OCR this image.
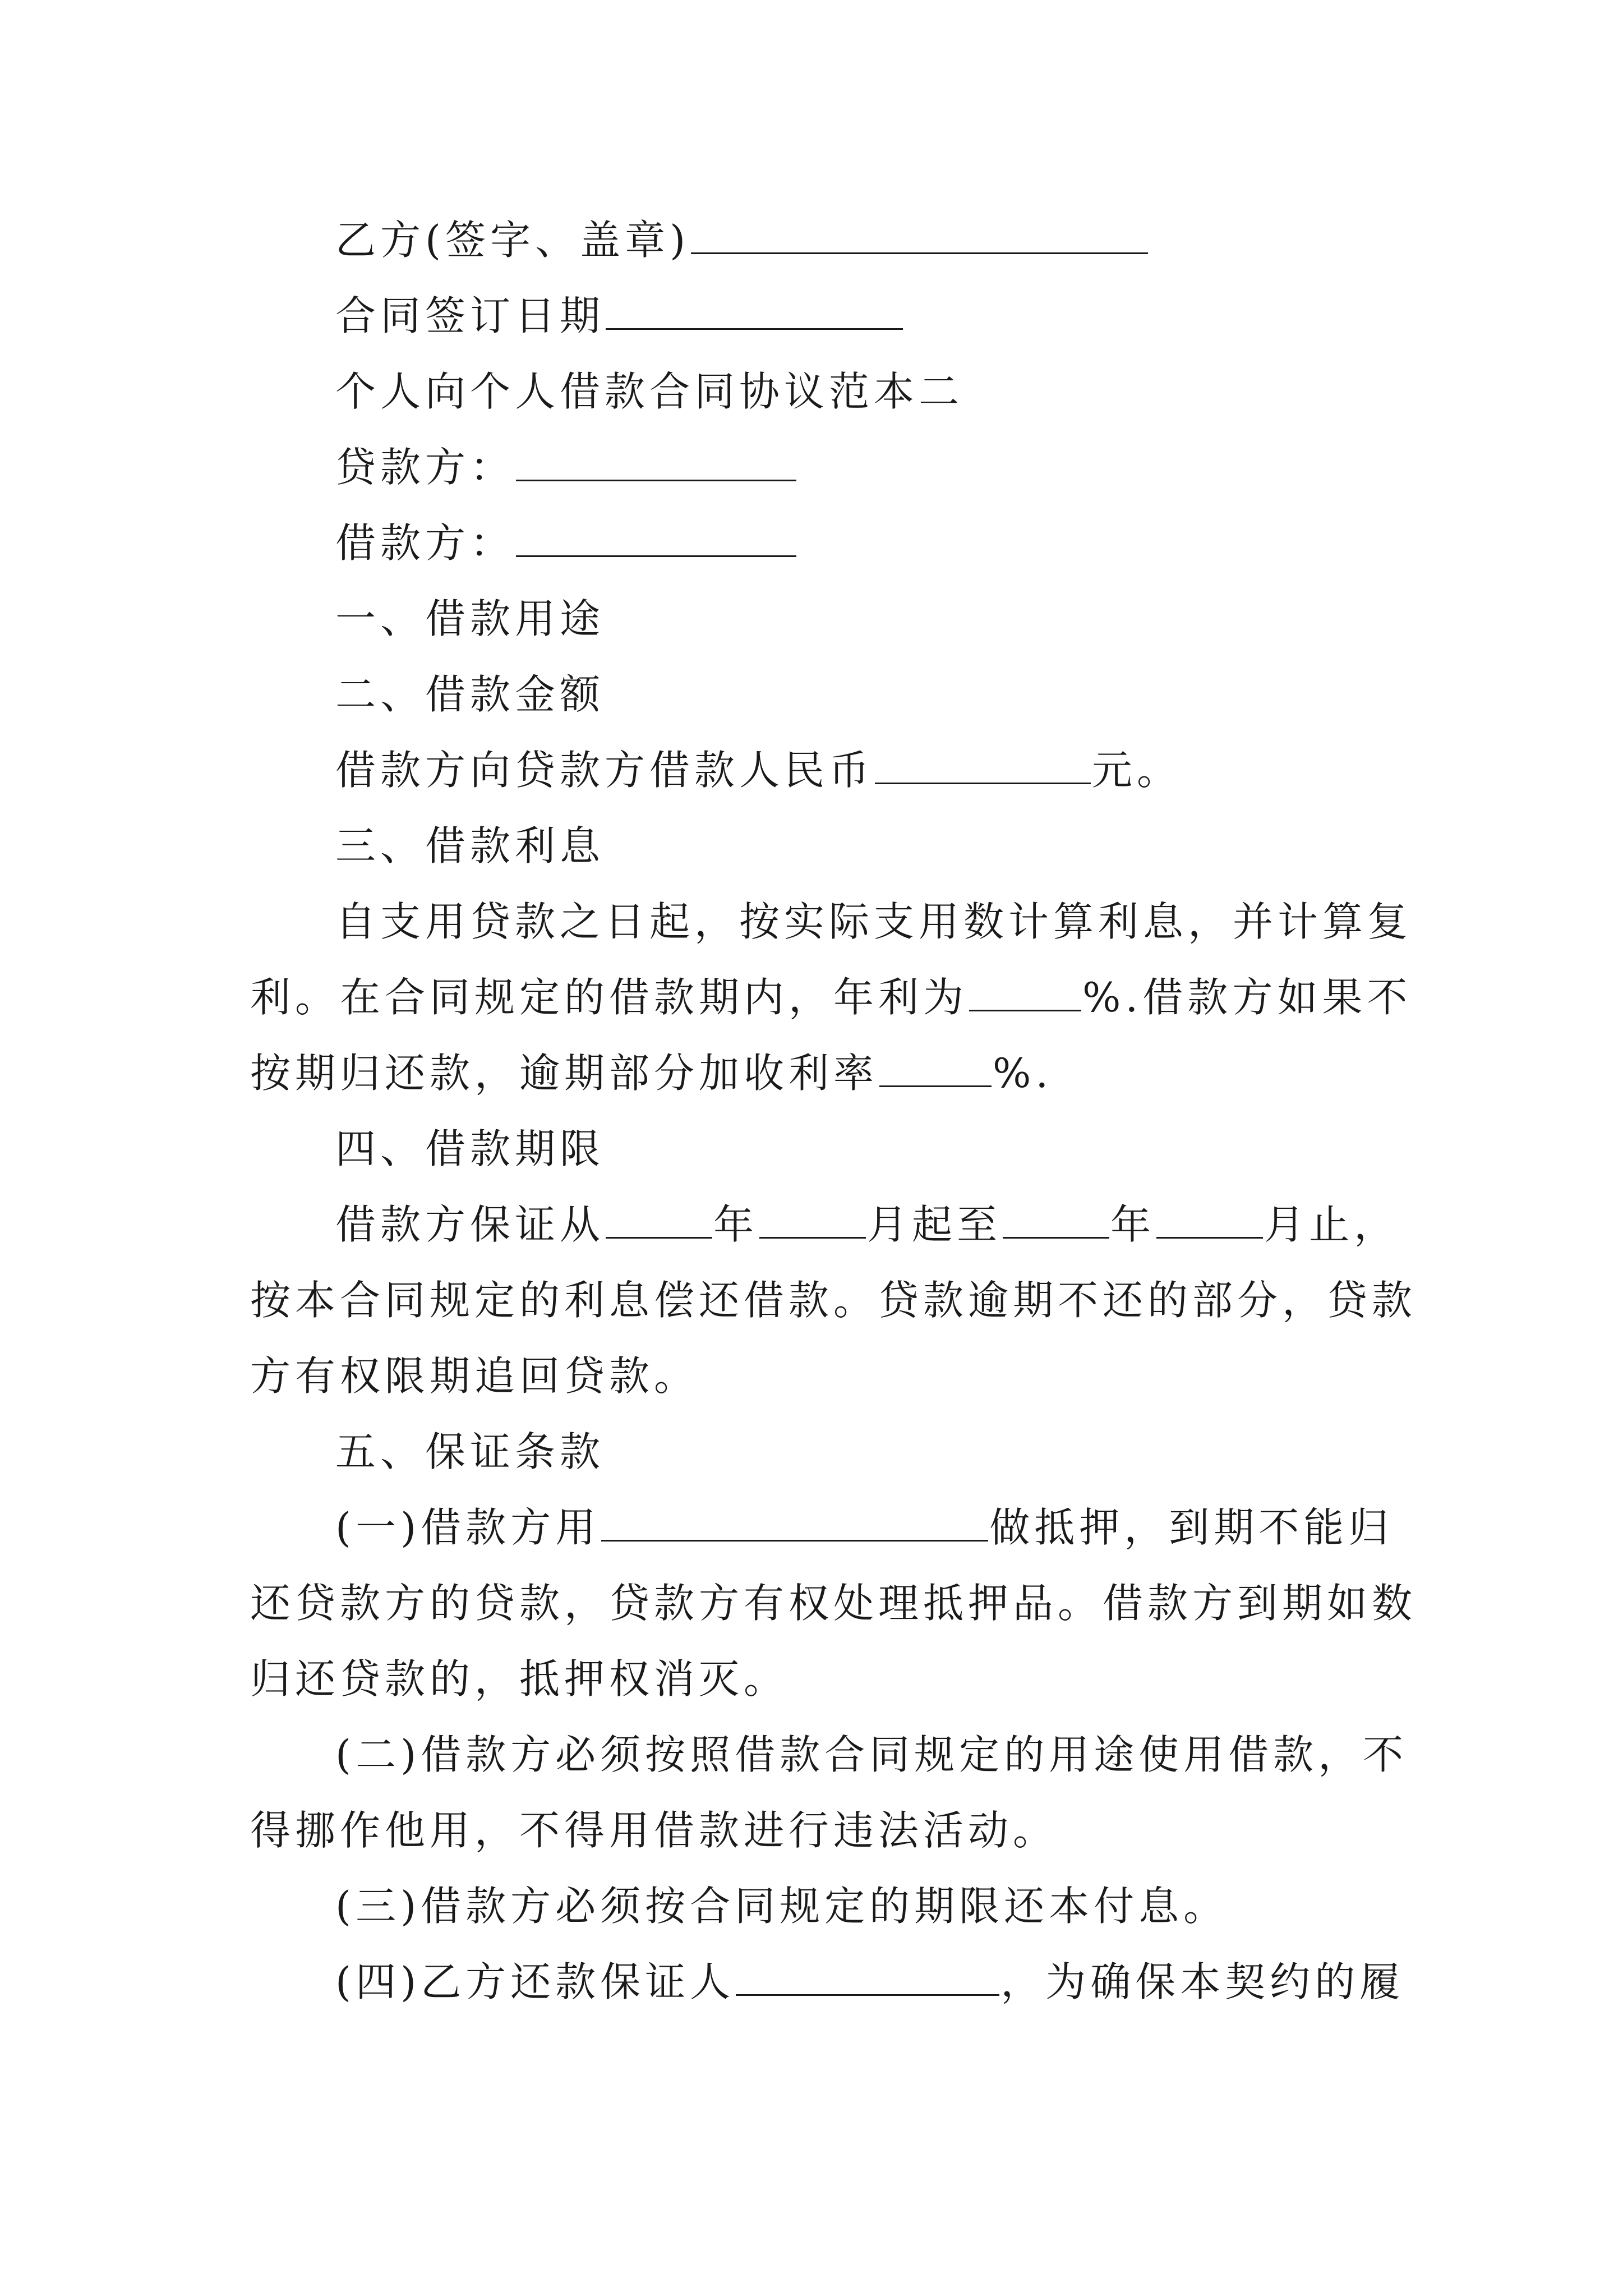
乙方(签字、盖章)
合同签订日期
个人向个人借款合同协议范本二
贷款方：
借款方：
一、借款用途
二、借款金额
借款方向贷款方借款人民币	元。
三、借款利息
自支用贷款之日起，按实际支用数计算利息，并计算复
利。在合同规定的借款期内，年利为	%.借款方如果不
按期归还款，逾期部分加收利率	%.
四、借款期限
借款方保证从	年	月起至	年	月止，
按本合同规定的利息偿还借款。贷款逾期不还的部分，贷款
方有权限期追回贷款。
五、保证条款
(一)借款方用	做抵押，到期不能归
还贷款方的贷款，贷款方有权处理抵押品。借款方到期如数
归还贷款的，抵押权消灭。
(二)借款方必须按照借款合同规定的用途使用借款，不
得挪作他用，不得用借款进行违法活动。
(三)借款方必须按合同规定的期限还本付息。
(四)乙方还款保证人	，为确保本契约的履
